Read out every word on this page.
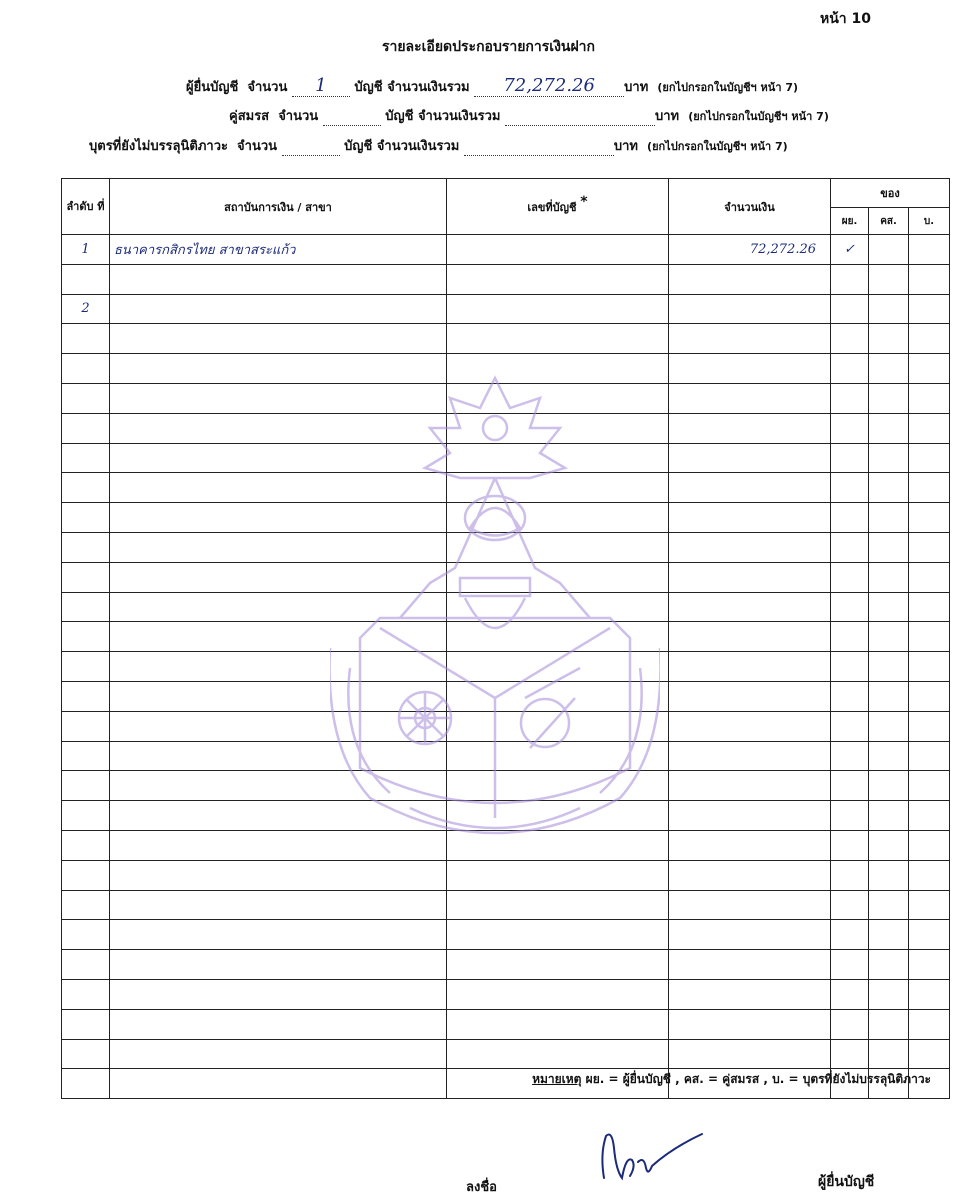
หน้า 10
รายละเอียดประกอบรายการเงินฝาก
ผู้ยื่นบัญชี จำนวน 1 บัญชี จำนวนเงินรวม 72,272.26 บาท (ยกไปกรอกในบัญชีฯ หน้า 7)
คู่สมรส จำนวน	บัญชี จำนวนเงินรวม	บาท (ยกไปกรอกในบัญชีฯ หน้า 7)
บุตรที่ยังไม่บรรลุนิติภาวะ จำนวน	บัญชี จำนวนเงินรวม	บาท (ยกไปกรอกในบัญชีฯ หน้า 7)
ลำดับ ที่	สถาบันการเงิน / สาขา	เลขที่บัญชี *	จำนวนเงิน	ของ		
				ผย.	คส.	บ.
1	ธนาคารกสิกรไทย สาขาสระแก้ว		72,272.26	✓		

2						

หมายเหตุ ผย. = ผู้ยื่นบัญชี , คส. = คู่สมรส , บ. = บุตรที่ยังไม่บรรลุนิติภาวะ
ลงชื่อ	ผู้ยื่นบัญชี
